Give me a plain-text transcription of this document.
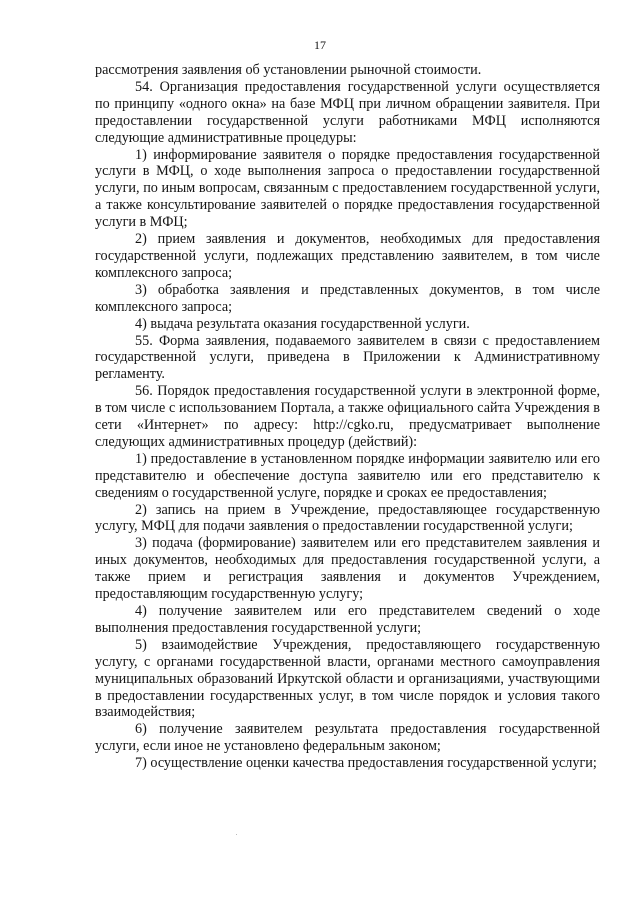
17

рассмотрения заявления об установлении рыночной стоимости.

54. Организация предоставления государственной услуги осуществляется по принципу «одного окна» на базе МФЦ при личном обращении заявителя. При предоставлении государственной услуги работниками МФЦ исполняются следующие административные процедуры:

1) информирование заявителя о порядке предоставления государственной услуги в МФЦ, о ходе выполнения запроса о предоставлении государственной услуги, по иным вопросам, связанным с предоставлением государственной услуги, а также консультирование заявителей о порядке предоставления государственной услуги в МФЦ;

2) прием заявления и документов, необходимых для предоставления государственной услуги, подлежащих представлению заявителем, в том числе комплексного запроса;

3) обработка заявления и представленных документов, в том числе комплексного запроса;

4) выдача результата оказания государственной услуги.

55. Форма заявления, подаваемого заявителем в связи с предоставлением государственной услуги, приведена в Приложении к Административному регламенту.

56. Порядок предоставления государственной услуги в электронной форме, в том числе с использованием Портала, а также официального сайта Учреждения в сети «Интернет» по адресу: http://cgko.ru, предусматривает выполнение следующих административных процедур (действий):

1) предоставление в установленном порядке информации заявителю или его представителю и обеспечение доступа заявителю или его представителю к сведениям о государственной услуге, порядке и сроках ее предоставления;

2) запись на прием в Учреждение, предоставляющее государственную услугу, МФЦ для подачи заявления о предоставлении государственной услуги;

3) подача (формирование) заявителем или его представителем заявления и иных документов, необходимых для предоставления государственной услуги, а также прием и регистрация заявления и документов Учреждением, предоставляющим государственную услугу;

4) получение заявителем или его представителем сведений о ходе выполнения предоставления государственной услуги;

5) взаимодействие Учреждения, предоставляющего государственную услугу, с органами государственной власти, органами местного самоуправления муниципальных образований Иркутской области и организациями, участвующими в предоставлении государственных услуг, в том числе порядок и условия такого взаимодействия;

6) получение заявителем результата предоставления государственной услуги, если иное не установлено федеральным законом;

7) осуществление оценки качества предоставления государственной услуги;
